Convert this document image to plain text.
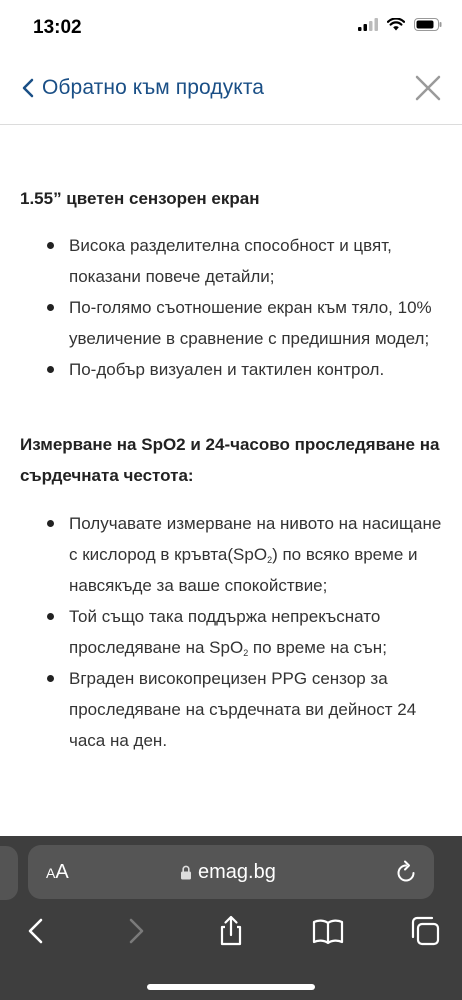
13:02
Обратно към продукта
1.55” цветен сензорен екран
Висока разделителна способност и цвят, показани повече детайли;
По-голямо съотношение екран към тяло, 10% увеличение в сравнение с предишния модел;
По-добър визуален и тактилен контрол.
Измерване на SpO2 и 24-часово проследяване на сърдечната честота:
Получавате измерване на нивото на насищане с кислород в кръвта(SpO$_2$) по всяко време и навсякъде за ваше спокойствие;
Той също така поддържа непрекъснато проследяване на SpO$_2$ по време на сън;
Вграден високопрецизен PPG сензор за проследяване на сърдечната ви дейност 24 часа на ден.
AA	emag.bg
